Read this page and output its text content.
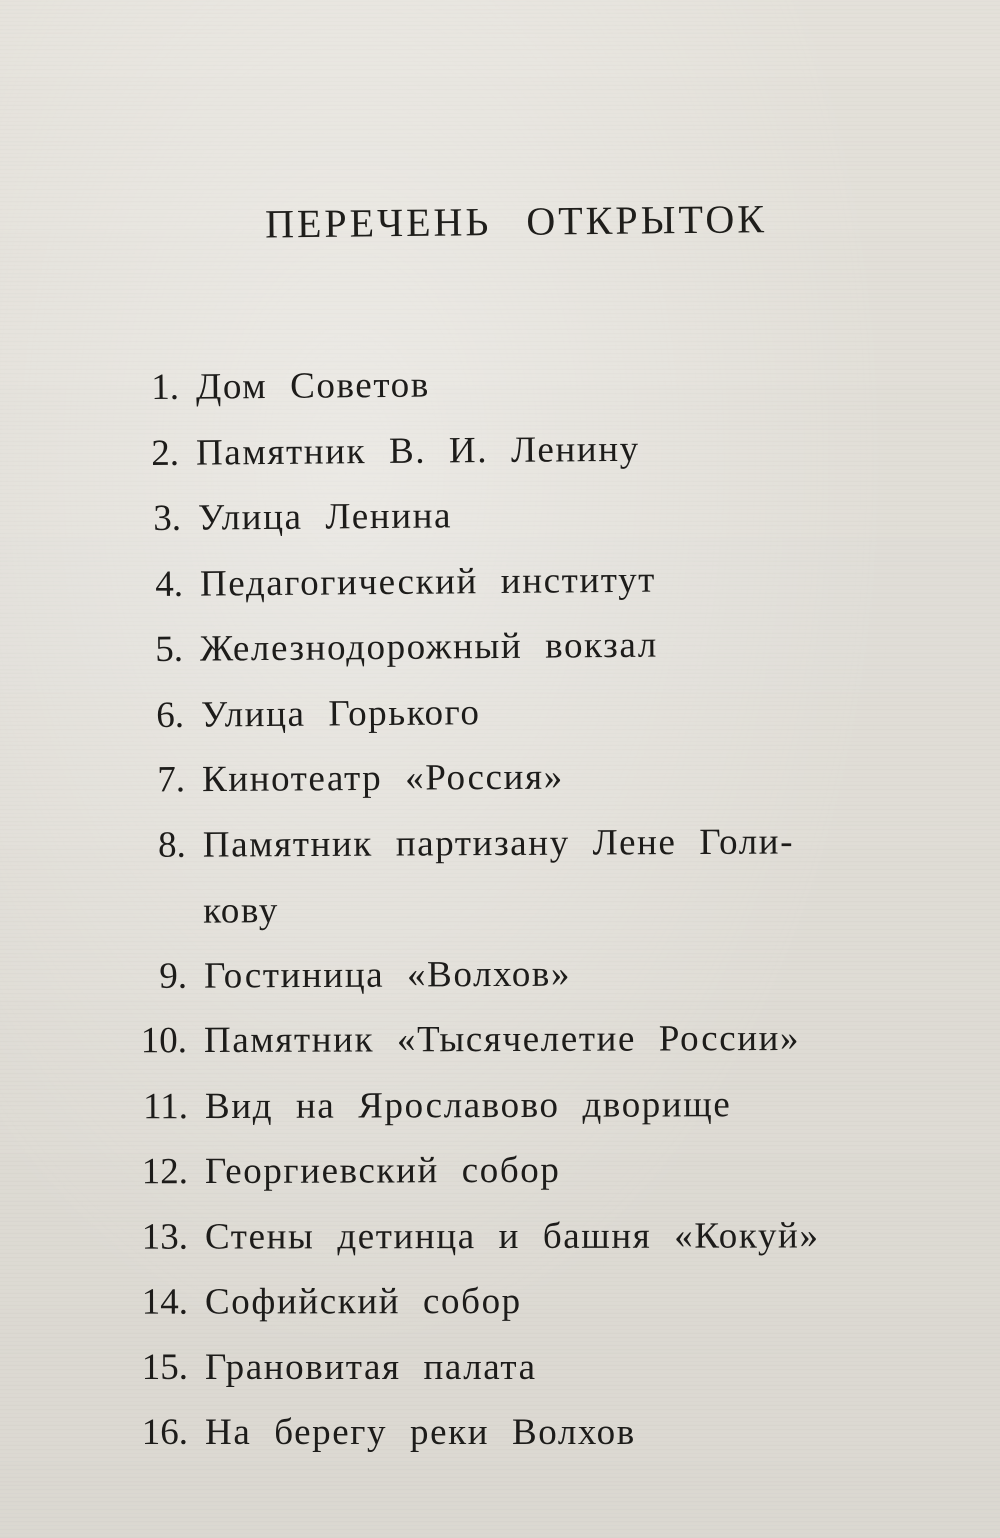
ПЕРЕЧЕНЬ ОТКРЫТОК
1. Дом Советов
2. Памятник В. И. Ленину
3. Улица Ленина
4. Педагогический институт
5. Железнодорожный вокзал
6. Улица Горького
7. Кинотеатр «Россия»
8. Памятник партизану Лене Голи-
кову
9. Гостиница «Волхов»
10. Памятник «Тысячелетие России»
11. Вид на Ярославово дворище
12. Георгиевский собор
13. Стены детинца и башня «Кокуй»
14. Софийский собор
15. Грановитая палата
16. На берегу реки Волхов
